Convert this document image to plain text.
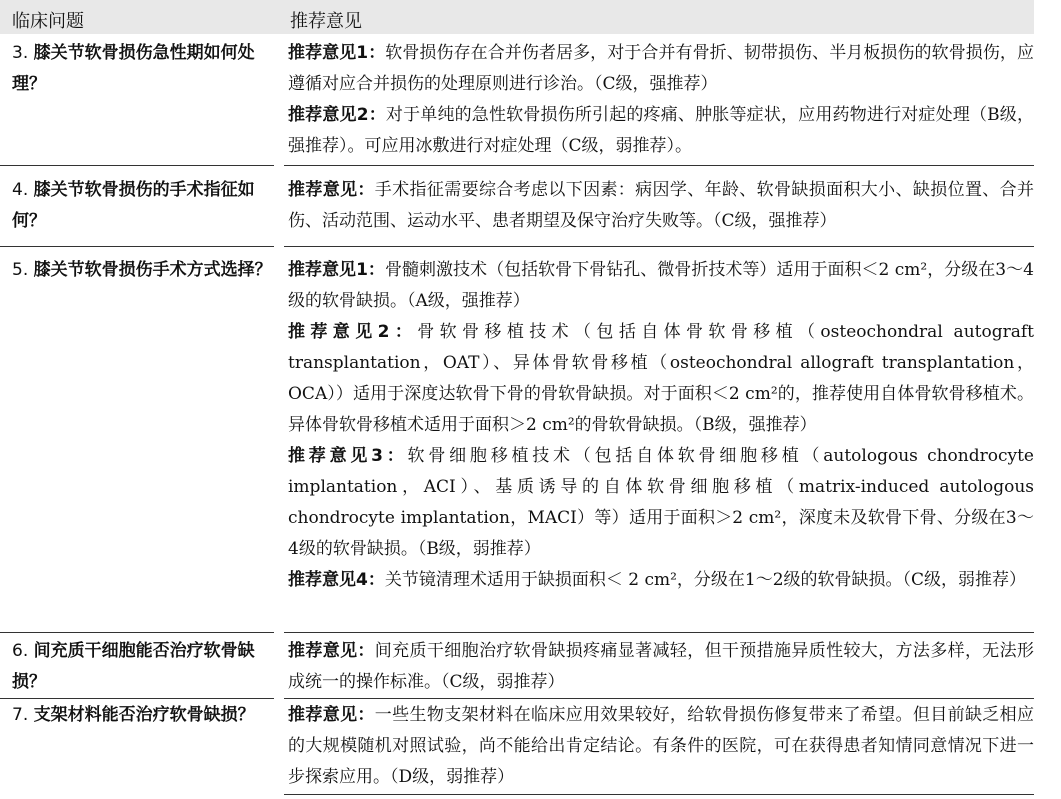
临床问题	推荐意见
3. 膝关节软骨损伤急性期如何处理？
推荐意见1：软骨损伤存在合并伤者居多，对于合并有骨折、韧带损伤、半月板损伤的软骨损伤，应遵循对应合并损伤的处理原则进行诊治。（C级，强推荐）
推荐意见2：对于单纯的急性软骨损伤所引起的疼痛、肿胀等症状，应用药物进行对症处理（B级，强推荐）。可应用冰敷进行对症处理（C级，弱推荐）。
4. 膝关节软骨损伤的手术指征如何？
推荐意见：手术指征需要综合考虑以下因素：病因学、年龄、软骨缺损面积大小、缺损位置、合并伤、活动范围、运动水平、患者期望及保守治疗失败等。（C级，强推荐）
5. 膝关节软骨损伤手术方式选择？ 推荐意见1：骨髓刺激技术（包括软骨下骨钻孔、微骨折技术等）适用于面积＜2 cm²，分级在3～4级的软骨缺损。（A级，强推荐）
推荐意见2：骨软骨移植技术（包括自体骨软骨移植（osteochondral autograft transplantation，OAT）、异体骨软骨移植（osteochondral allograft transplantation，OCA））适用于深度达软骨下骨的骨软骨缺损。对于面积＜2 cm²的，推荐使用自体骨软骨移植术。异体骨软骨移植术适用于面积＞2 cm²的骨软骨缺损。（B级，强推荐）
推荐意见3：软骨细胞移植技术（包括自体软骨细胞移植（autologous chondrocyte implantation，ACI）、基质诱导的自体软骨细胞移植（matrix-induced autologous chondrocyte implantation，MACI）等）适用于面积＞2 cm²，深度未及软骨下骨、分级在3～4级的软骨缺损。（B级，弱推荐）
推荐意见4：关节镜清理术适用于缺损面积＜ 2 cm²，分级在1～2级的软骨缺损。（C级，弱推荐）
6. 间充质干细胞能否治疗软骨缺损？
推荐意见：间充质干细胞治疗软骨缺损疼痛显著减轻，但干预措施异质性较大，方法多样，无法形成统一的操作标准。（C级，弱推荐）
7. 支架材料能否治疗软骨缺损？	推荐意见：一些生物支架材料在临床应用效果较好，给软骨损伤修复带来了希望。但目前缺乏相应的大规模随机对照试验，尚不能给出肯定结论。有条件的医院，可在获得患者知情同意情况下进一步探索应用。（D级，弱推荐）
